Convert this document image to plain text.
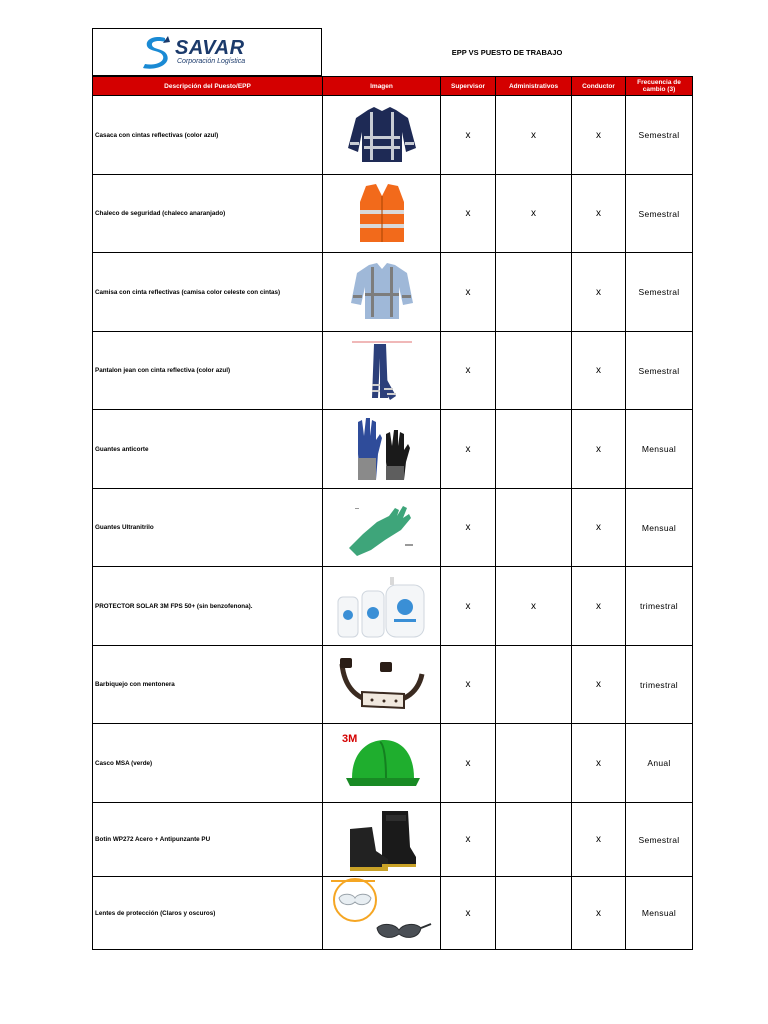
SAVAR
Corporación Logística
EPP VS PUESTO DE TRABAJO
Descripción del Puesto/EPP	Imagen	Supervisor	Administrativos	Conductor	Frecuencia de cambio (3)
Casaca con cintas reflectivas (color azul)		x	x	x	Semestral
Chaleco de seguridad (chaleco anaranjado)		x	x	x	Semestral
Camisa con cinta reflectivas (camisa color celeste con cintas)		x		x	Semestral
Pantalon jean con cinta reflectiva (color azul)		x		x	Semestral
Guantes anticorte		x		x	Mensual
Guantes Ultranitrilo		x		x	Mensual
PROTECTOR SOLAR 3M FPS 50+ (sin benzofenona).		x	x	x	trimestral
Barbiquejo con mentonera		x		x	trimestral
Casco MSA (verde)	3M	x		x	Anual
Botin WP272 Acero + Antipunzante PU		x		x	Semestral
Lentes de protección (Claros y oscuros)		x		x	Mensual
